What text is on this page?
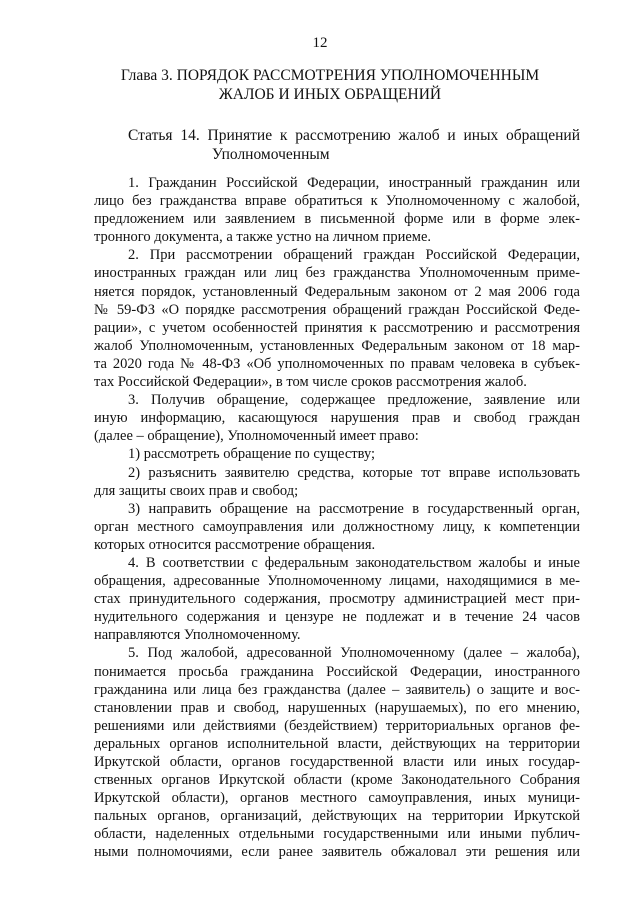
12
Глава 3. ПОРЯДОК РАССМОТРЕНИЯ УПОЛНОМОЧЕННЫМ
ЖАЛОБ И ИНЫХ ОБРАЩЕНИЙ
Статья 14. Принятие к рассмотрению жалоб и иных обращений
Уполномоченным
1. Гражданин Российской Федерации, иностранный гражданин или
лицо без гражданства вправе обратиться к Уполномоченному с жалобой,
предложением или заявлением в письменной форме или в форме элек-
тронного документа, а также устно на личном приеме.
2. При рассмотрении обращений граждан Российской Федерации,
иностранных граждан или лиц без гражданства Уполномоченным приме-
няется порядок, установленный Федеральным законом от 2 мая 2006 года
№ 59-ФЗ «О порядке рассмотрения обращений граждан Российской Феде-
рации», с учетом особенностей принятия к рассмотрению и рассмотрения
жалоб Уполномоченным, установленных Федеральным законом от 18 мар-
та 2020 года № 48-ФЗ «Об уполномоченных по правам человека в субъек-
тах Российской Федерации», в том числе сроков рассмотрения жалоб.
3. Получив обращение, содержащее предложение, заявление или
иную информацию, касающуюся нарушения прав и свобод граждан
(далее – обращение), Уполномоченный имеет право:
1) рассмотреть обращение по существу;
2) разъяснить заявителю средства, которые тот вправе использовать
для защиты своих прав и свобод;
3) направить обращение на рассмотрение в государственный орган,
орган местного самоуправления или должностному лицу, к компетенции
которых относится рассмотрение обращения.
4. В соответствии с федеральным законодательством жалобы и иные
обращения, адресованные Уполномоченному лицами, находящимися в ме-
стах принудительного содержания, просмотру администрацией мест при-
нудительного содержания и цензуре не подлежат и в течение 24 часов
направляются Уполномоченному.
5. Под жалобой, адресованной Уполномоченному (далее – жалоба),
понимается просьба гражданина Российской Федерации, иностранного
гражданина или лица без гражданства (далее – заявитель) о защите и вос-
становлении прав и свобод, нарушенных (нарушаемых), по его мнению,
решениями или действиями (бездействием) территориальных органов фе-
деральных органов исполнительной власти, действующих на территории
Иркутской области, органов государственной власти или иных государ-
ственных органов Иркутской области (кроме Законодательного Собрания
Иркутской области), органов местного самоуправления, иных муници-
пальных органов, организаций, действующих на территории Иркутской
области, наделенных отдельными государственными или иными публич-
ными полномочиями, если ранее заявитель обжаловал эти решения или
